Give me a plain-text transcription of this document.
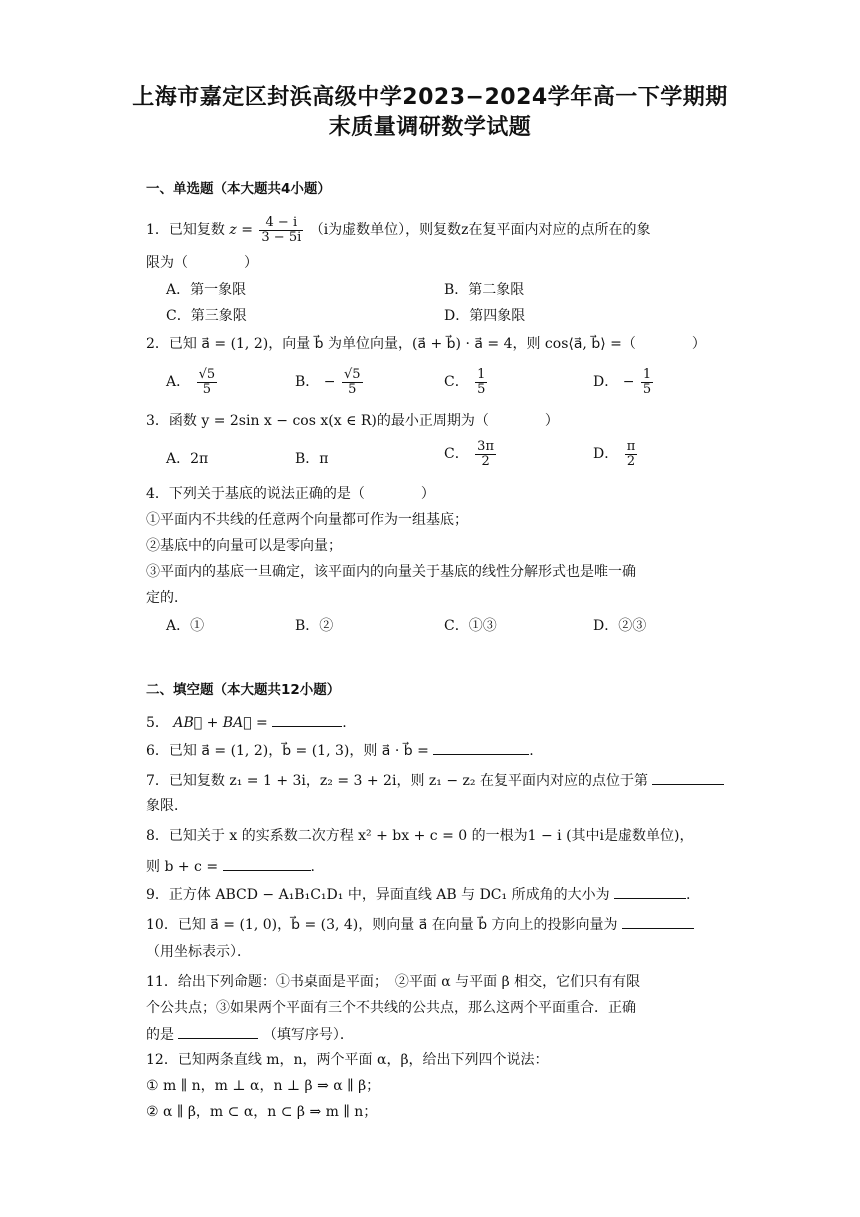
上海市嘉定区封浜高级中学2023−2024学年高一下学期期
末质量调研数学试题
一、单选题（本大题共4小题）
1．已知复数 $z = \frac{4 - i}{3 - 5i} (i$为虚数单位），则复数z在复平面内对应的点所在的象
限为（　　　　）
A．第一象限	B．第二象限
C．第三象限	D．第四象限
2．已知 a⃗ = (1, 2)，向量 b⃗ 为单位向量，(a⃗ + b⃗) · a⃗ = 4，则 cos⟨a⃗, b⃗⟩ =（　　　　）
A． $\frac{√5}{5}$	B． − $\frac{√5}{5}$	C． $\frac{1}{5}$	D． − $\frac{1}{5}$
3．函数 y = 2sin x − cos x(x ∈ R)的最小正周期为（　　　　）
A．2π	B．π	C． $\frac{3\pi}{2}$	D． $\frac{\pi}{2}$
4．下列关于基底的说法正确的是（　　　　）
①平面内不共线的任意两个向量都可作为一组基底；
②基底中的向量可以是零向量；
③平面内的基底一旦确定，该平面内的向量关于基底的线性分解形式也是唯一确
定的．
A．①	B．②	C．①③	D．②③
二、填空题（本大题共12小题）
5． AB⃗ + BA⃗ =	.
6．已知 a⃗ = (1, 2)，b⃗ = (1, 3)，则 a⃗ · b⃗ =	.
7．已知复数 z₁ = 1 + 3i，z₂ = 3 + 2i，则 z₁ − z₂ 在复平面内对应的点位于第
象限．
8．已知关于 x 的实系数二次方程 x² + bx + c = 0 的一根为1 − i (其中i是虚数单位)，
则 b + c =	.
9．正方体 ABCD − A₁B₁C₁D₁ 中，异面直线 AB 与 DC₁ 所成角的大小为	.
10．已知 a⃗ = (1, 0)，b⃗ = (3, 4)，则向量 a⃗ 在向量 b⃗ 方向上的投影向量为
（用坐标表示）．
11．给出下列命题：①书桌面是平面；　②平面 α 与平面 β 相交，它们只有有限
个公共点；③如果两个平面有三个不共线的公共点，那么这两个平面重合．正确
的是	（填写序号）．
12．已知两条直线 m，n，两个平面 α，β，给出下列四个说法：
① m ∥ n，m ⊥ α，n ⊥ β ⇒ α ∥ β；
② α ∥ β，m ⊂ α，n ⊂ β ⇒ m ∥ n；
